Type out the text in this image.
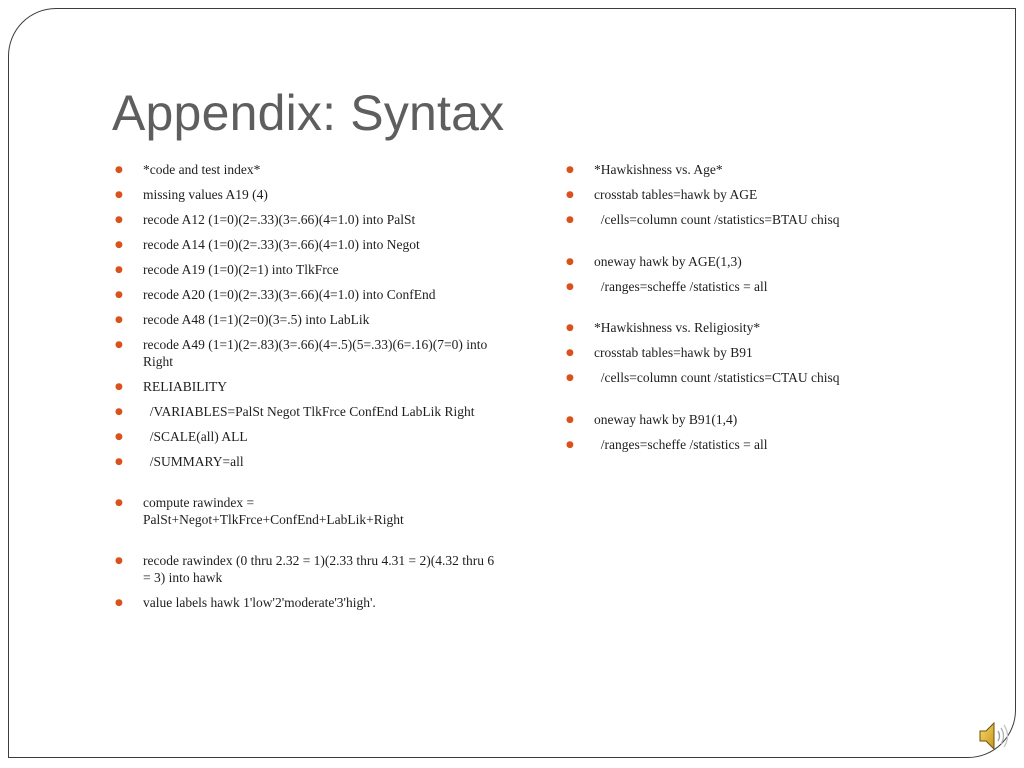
Appendix: Syntax
● *code and test index*
● missing values A19 (4)
● recode A12 (1=0)(2=.33)(3=.66)(4=1.0) into PalSt
● recode A14 (1=0)(2=.33)(3=.66)(4=1.0) into Negot
● recode A19 (1=0)(2=1) into TlkFrce
● recode A20 (1=0)(2=.33)(3=.66)(4=1.0) into ConfEnd
● recode A48 (1=1)(2=0)(3=.5) into LabLik
● recode A49 (1=1)(2=.83)(3=.66)(4=.5)(5=.33)(6=.16)(7=0) into Right
● RELIABILITY
● /VARIABLES=PalSt Negot TlkFrce ConfEnd LabLik Right
● /SCALE(all) ALL
● /SUMMARY=all
● compute rawindex = PalSt+Negot+TlkFrce+ConfEnd+LabLik+Right
● recode rawindex (0 thru 2.32 = 1)(2.33 thru 4.31 = 2)(4.32 thru 6 = 3) into hawk
● value labels hawk 1'low'2'moderate'3'high'.
● *Hawkishness vs. Age*
● crosstab tables=hawk by AGE
● /cells=column count /statistics=BTAU chisq
● oneway hawk by AGE(1,3)
● /ranges=scheffe /statistics = all
● *Hawkishness vs. Religiosity*
● crosstab tables=hawk by B91
● /cells=column count /statistics=CTAU chisq
● oneway hawk by B91(1,4)
● /ranges=scheffe /statistics = all
